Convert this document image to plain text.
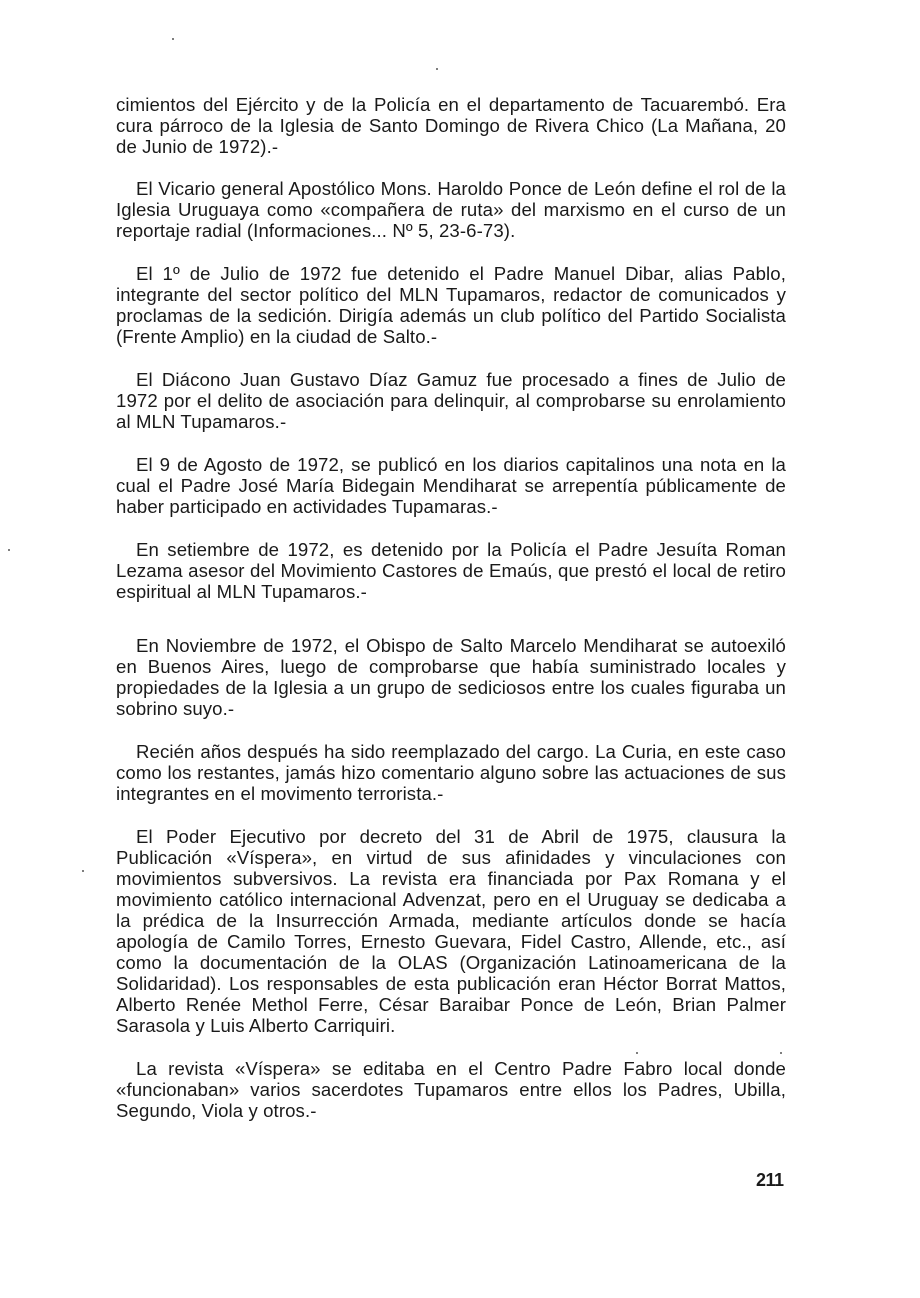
cimientos del Ejército y de la Policía en el departamento de Tacuarembó. Era cura párroco de la Iglesia de Santo Domingo de Rivera Chico (La Mañana, 20 de Junio de 1972).-

El Vicario general Apostólico Mons. Haroldo Ponce de León define el rol de la Iglesia Uruguaya como «compañera de ruta» del marxismo en el curso de un reportaje radial (Informaciones... Nº 5, 23-6-73).

El 1º de Julio de 1972 fue detenido el Padre Manuel Dibar, alias Pablo, integrante del sector político del MLN Tupamaros, redactor de comunicados y proclamas de la sedición. Dirigía además un club político del Partido Socialista (Frente Amplio) en la ciudad de Salto.-

El Diácono Juan Gustavo Díaz Gamuz fue procesado a fines de Julio de 1972 por el delito de asociación para delinquir, al comprobarse su enrolamiento al MLN Tupamaros.-

El 9 de Agosto de 1972, se publicó en los diarios capitalinos una nota en la cual el Padre José María Bidegain Mendiharat se arrepentía públicamente de haber participado en actividades Tupamaras.-

En setiembre de 1972, es detenido por la Policía el Padre Jesuíta Roman Lezama asesor del Movimiento Castores de Emaús, que prestó el local de retiro espiritual al MLN Tupamaros.-

En Noviembre de 1972, el Obispo de Salto Marcelo Mendiharat se autoexiló en Buenos Aires, luego de comprobarse que había suministrado locales y propiedades de la Iglesia a un grupo de sediciosos entre los cuales figuraba un sobrino suyo.-

Recién años después ha sido reemplazado del cargo. La Curia, en este caso como los restantes, jamás hizo comentario alguno sobre las actuaciones de sus integrantes en el movimento terrorista.-

El Poder Ejecutivo por decreto del 31 de Abril de 1975, clausura la Publicación «Víspera», en virtud de sus afinidades y vinculaciones con movimientos subversivos. La revista era financiada por Pax Romana y el movimiento católico internacional Advenzat, pero en el Uruguay se dedicaba a la prédica de la Insurrección Armada, mediante artículos donde se hacía apología de Camilo Torres, Ernesto Guevara, Fidel Castro, Allende, etc., así como la documentación de la OLAS (Organización Latinoamericana de la Solidaridad). Los responsables de esta publicación eran Héctor Borrat Mattos, Alberto Renée Methol Ferre, César Baraibar Ponce de León, Brian Palmer Sarasola y Luis Alberto Carriquiri.

La revista «Víspera» se editaba en el Centro Padre Fabro local donde «funcionaban» varios sacerdotes Tupamaros entre ellos los Padres, Ubilla, Segundo, Viola y otros.-

211
